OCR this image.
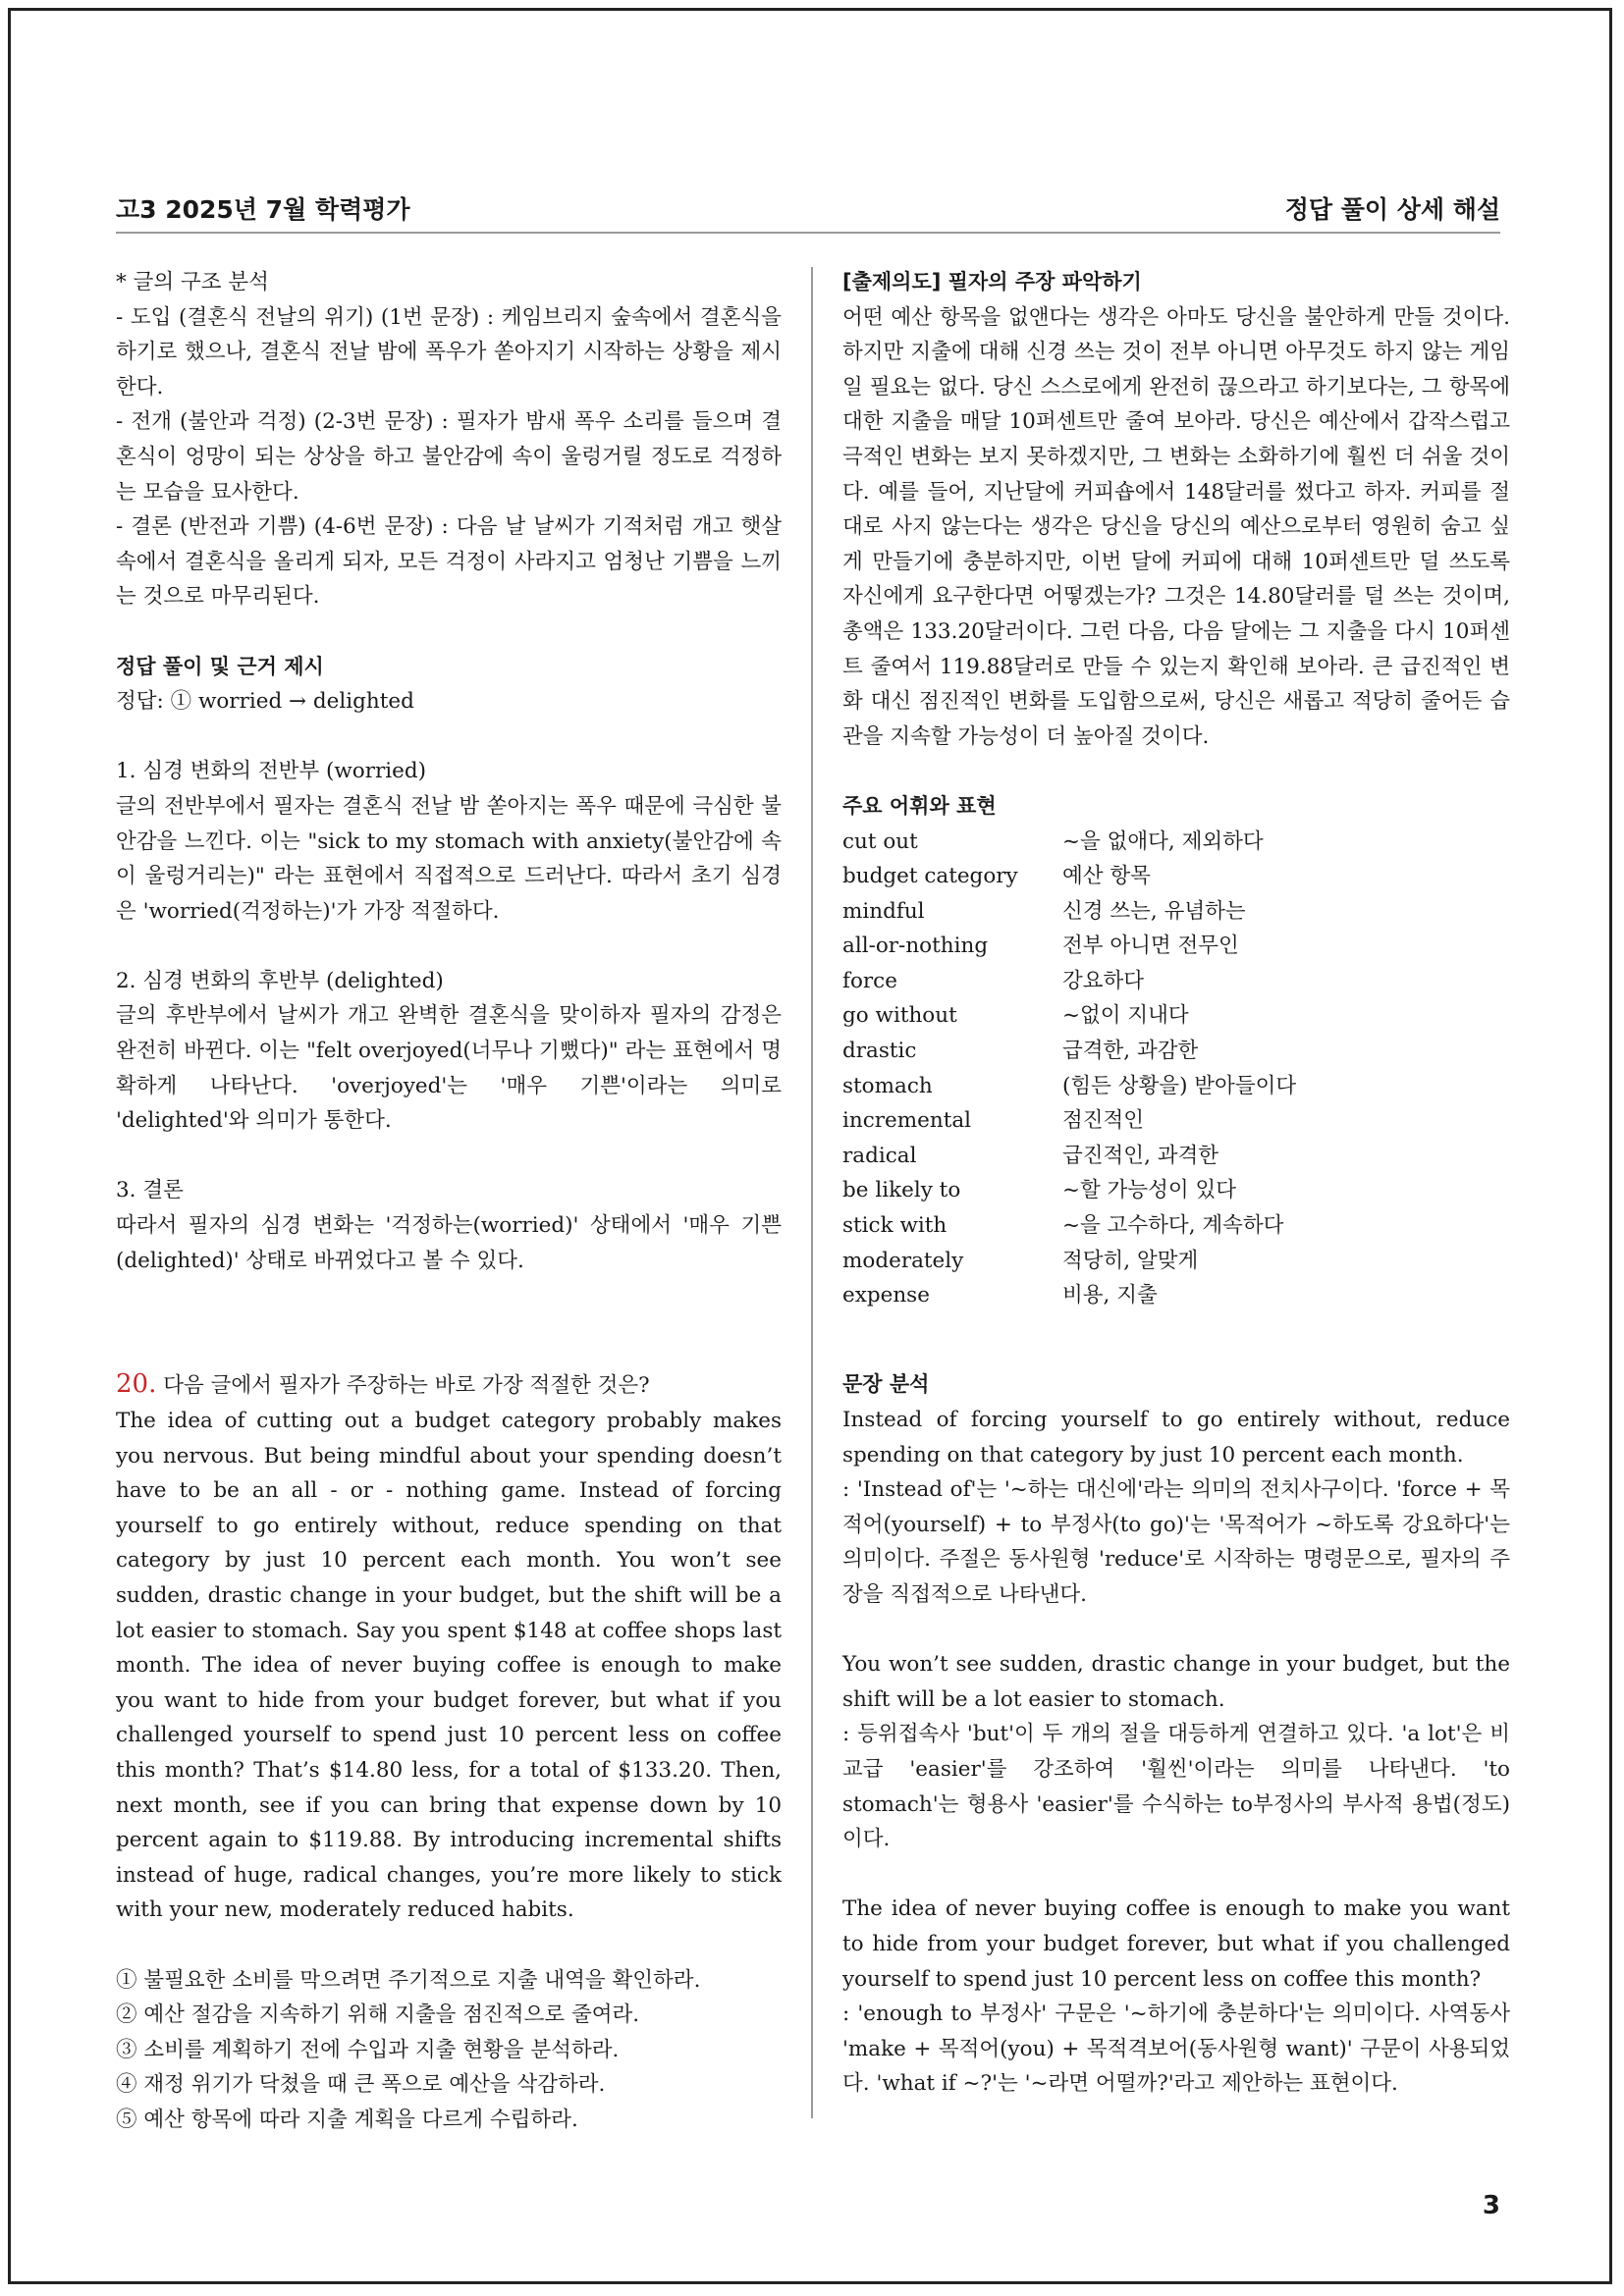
고3 2025년 7월 학력평가	정답 풀이 상세 해설

* 글의 구조 분석

- 도입 (결혼식 전날의 위기) (1번 문장) : 케임브리지 숲속에서 결혼식을 하기로 했으나, 결혼식 전날 밤에 폭우가 쏟아지기 시작하는 상황을 제시한다.

- 전개 (불안과 걱정) (2-3번 문장) : 필자가 밤새 폭우 소리를 들으며 결혼식이 엉망이 되는 상상을 하고 불안감에 속이 울렁거릴 정도로 걱정하는 모습을 묘사한다.

- 결론 (반전과 기쁨) (4-6번 문장) : 다음 날 날씨가 기적처럼 개고 햇살 속에서 결혼식을 올리게 되자, 모든 걱정이 사라지고 엄청난 기쁨을 느끼는 것으로 마무리된다.

정답 풀이 및 근거 제시

정답: ① worried → delighted

1. 심경 변화의 전반부 (worried)

글의 전반부에서 필자는 결혼식 전날 밤 쏟아지는 폭우 때문에 극심한 불안감을 느낀다. 이는 "sick to my stomach with anxiety(불안감에 속이 울렁거리는)" 라는 표현에서 직접적으로 드러난다. 따라서 초기 심경은 'worried(걱정하는)'가 가장 적절하다.

2. 심경 변화의 후반부 (delighted)

글의 후반부에서 날씨가 개고 완벽한 결혼식을 맞이하자 필자의 감정은 완전히 바뀐다. 이는 "felt overjoyed(너무나 기뻤다)" 라는 표현에서 명확하게 나타난다. 'overjoyed'는 '매우 기쁜'이라는 의미로 'delighted'와 의미가 통한다.

3. 결론

따라서 필자의 심경 변화는 '걱정하는(worried)' 상태에서 '매우 기쁜(delighted)' 상태로 바뀌었다고 볼 수 있다.

20. 다음 글에서 필자가 주장하는 바로 가장 적절한 것은?

The idea of cutting out a budget category probably makes you nervous. But being mindful about your spending doesn’t have to be an all - or - nothing game. Instead of forcing yourself to go entirely without, reduce spending on that category by just 10 percent each month. You won’t see sudden, drastic change in your budget, but the shift will be a lot easier to stomach. Say you spent $148 at coffee shops last month. The idea of never buying coffee is enough to make you want to hide from your budget forever, but what if you challenged yourself to spend just 10 percent less on coffee this month? That’s $14.80 less, for a total of $133.20. Then, next month, see if you can bring that expense down by 10 percent again to $119.88. By introducing incremental shifts instead of huge, radical changes, you’re more likely to stick with your new, moderately reduced habits.

① 불필요한 소비를 막으려면 주기적으로 지출 내역을 확인하라.

② 예산 절감을 지속하기 위해 지출을 점진적으로 줄여라.

③ 소비를 계획하기 전에 수입과 지출 현황을 분석하라.

④ 재정 위기가 닥쳤을 때 큰 폭으로 예산을 삭감하라.

⑤ 예산 항목에 따라 지출 계획을 다르게 수립하라.

[출제의도] 필자의 주장 파악하기

어떤 예산 항목을 없앤다는 생각은 아마도 당신을 불안하게 만들 것이다. 하지만 지출에 대해 신경 쓰는 것이 전부 아니면 아무것도 하지 않는 게임일 필요는 없다. 당신 스스로에게 완전히 끊으라고 하기보다는, 그 항목에 대한 지출을 매달 10퍼센트만 줄여 보아라. 당신은 예산에서 갑작스럽고 극적인 변화는 보지 못하겠지만, 그 변화는 소화하기에 훨씬 더 쉬울 것이다. 예를 들어, 지난달에 커피숍에서 148달러를 썼다고 하자. 커피를 절대로 사지 않는다는 생각은 당신을 당신의 예산으로부터 영원히 숨고 싶게 만들기에 충분하지만, 이번 달에 커피에 대해 10퍼센트만 덜 쓰도록 자신에게 요구한다면 어떻겠는가? 그것은 14.80달러를 덜 쓰는 것이며, 총액은 133.20달러이다. 그런 다음, 다음 달에는 그 지출을 다시 10퍼센트 줄여서 119.88달러로 만들 수 있는지 확인해 보아라. 큰 급진적인 변화 대신 점진적인 변화를 도입함으로써, 당신은 새롭고 적당히 줄어든 습관을 지속할 가능성이 더 높아질 것이다.

주요 어휘와 표현

cut out	~을 없애다, 제외하다
budget category	예산 항목
mindful	신경 쓰는, 유념하는
all-or-nothing	전부 아니면 전무인
force	강요하다
go without	~없이 지내다
drastic	급격한, 과감한
stomach	(힘든 상황을) 받아들이다
incremental	점진적인
radical	급진적인, 과격한
be likely to	~할 가능성이 있다
stick with	~을 고수하다, 계속하다
moderately	적당히, 알맞게
expense	비용, 지출

문장 분석

Instead of forcing yourself to go entirely without, reduce spending on that category by just 10 percent each month.

: 'Instead of'는 '~하는 대신에'라는 의미의 전치사구이다. 'force + 목적어(yourself) + to 부정사(to go)'는 '목적어가 ~하도록 강요하다'는 의미이다. 주절은 동사원형 'reduce'로 시작하는 명령문으로, 필자의 주장을 직접적으로 나타낸다.

You won’t see sudden, drastic change in your budget, but the shift will be a lot easier to stomach.

: 등위접속사 'but'이 두 개의 절을 대등하게 연결하고 있다. 'a lot'은 비교급 'easier'를 강조하여 '훨씬'이라는 의미를 나타낸다. 'to stomach'는 형용사 'easier'를 수식하는 to부정사의 부사적 용법(정도)이다.

The idea of never buying coffee is enough to make you want to hide from your budget forever, but what if you challenged yourself to spend just 10 percent less on coffee this month?

: 'enough to 부정사' 구문은 '~하기에 충분하다'는 의미이다. 사역동사 'make + 목적어(you) + 목적격보어(동사원형 want)' 구문이 사용되었다. 'what if ~?'는 '~라면 어떨까?'라고 제안하는 표현이다.

3
